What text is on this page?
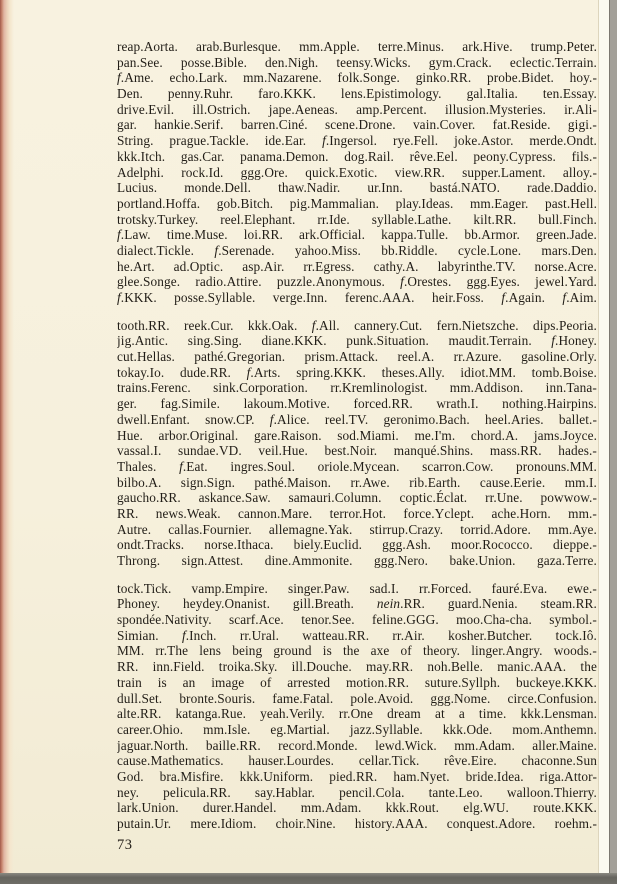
reap.Aorta. arab.Burlesque. mm.Apple. terre.Minus. ark.Hive. trump.Peter.
pan.See. posse.Bible. den.Nigh. teensy.Wicks. gym.Crack. eclectic.Terrain.
f.Ame. echo.Lark. mm.Nazarene. folk.Songe. ginko.RR. probe.Bidet. hoy.-
Den. penny.Ruhr. faro.KKK. lens.Epistimology. gal.Italia. ten.Essay.
drive.Evil. ill.Ostrich. jape.Aeneas. amp.Percent. illusion.Mysteries. ir.Ali-
gar. hankie.Serif. barren.Ciné. scene.Drone. vain.Cover. fat.Reside. gigi.-
String. prague.Tackle. ide.Ear. f.Ingersol. rye.Fell. joke.Astor. merde.Ondt.
kkk.Itch. gas.Car. panama.Demon. dog.Rail. rêve.Eel. peony.Cypress. fils.-
Adelphi. rock.Id. ggg.Ore. quick.Exotic. view.RR. supper.Lament. alloy.-
Lucius. monde.Dell. thaw.Nadir. ur.Inn. bastá.NATO. rade.Daddio.
portland.Hoffa. gob.Bitch. pig.Mammalian. play.Ideas. mm.Eager. past.Hell.
trotsky.Turkey. reel.Elephant. rr.Ide. syllable.Lathe. kilt.RR. bull.Finch.
f.Law. time.Muse. loi.RR. ark.Official. kappa.Tulle. bb.Armor. green.Jade.
dialect.Tickle. f.Serenade. yahoo.Miss. bb.Riddle. cycle.Lone. mars.Den.
he.Art. ad.Optic. asp.Air. rr.Egress. cathy.A. labyrinthe.TV. norse.Acre.
glee.Songe. radio.Attire. puzzle.Anonymous. f.Orestes. ggg.Eyes. jewel.Yard.
f.KKK. posse.Syllable. verge.Inn. ferenc.AAA. heir.Foss. f.Again. f.Aim.
tooth.RR. reek.Cur. kkk.Oak. f.All. cannery.Cut. fern.Nietszche. dips.Peoria.
jig.Antic. sing.Sing. diane.KKK. punk.Situation. maudit.Terrain. f.Honey.
cut.Hellas. pathé.Gregorian. prism.Attack. reel.A. rr.Azure. gasoline.Orly.
tokay.Io. dude.RR. f.Arts. spring.KKK. theses.Ally. idiot.MM. tomb.Boise.
trains.Ferenc. sink.Corporation. rr.Kremlinologist. mm.Addison. inn.Tana-
ger. fag.Simile. lakoum.Motive. forced.RR. wrath.I. nothing.Hairpins.
dwell.Enfant. snow.CP. f.Alice. reel.TV. geronimo.Bach. heel.Aries. ballet.-
Hue. arbor.Original. gare.Raison. sod.Miami. me.I'm. chord.A. jams.Joyce.
vassal.I. sundae.VD. veil.Hue. best.Noir. manqué.Shins. mass.RR. hades.-
Thales. f.Eat. ingres.Soul. oriole.Mycean. scarron.Cow. pronouns.MM.
bilbo.A. sign.Sign. pathé.Maison. rr.Awe. rib.Earth. cause.Eerie. mm.I.
gaucho.RR. askance.Saw. samauri.Column. coptic.Éclat. rr.Une. powwow.-
RR. news.Weak. cannon.Mare. terror.Hot. force.Yclept. ache.Horn. mm.-
Autre. callas.Fournier. allemagne.Yak. stirrup.Crazy. torrid.Adore. mm.Aye.
ondt.Tracks. norse.Ithaca. biely.Euclid. ggg.Ash. moor.Rococco. dieppe.-
Throng. sign.Attest. dine.Ammonite. ggg.Nero. bake.Union. gaza.Terre.
tock.Tick. vamp.Empire. singer.Paw. sad.I. rr.Forced. fauré.Eva. ewe.-
Phoney. heydey.Onanist. gill.Breath. nein.RR. guard.Nenia. steam.RR.
spondée.Nativity. scarf.Ace. tenor.See. feline.GGG. moo.Cha-cha. symbol.-
Simian. f.Inch. rr.Ural. watteau.RR. rr.Air. kosher.Butcher. tock.Iô.
MM. rr.The lens being ground is the axe of theory. linger.Angry. woods.-
RR. inn.Field. troika.Sky. ill.Douche. may.RR. noh.Belle. manic.AAA. the
train is an image of arrested motion.RR. suture.Syllph. buckeye.KKK.
dull.Set. bronte.Souris. fame.Fatal. pole.Avoid. ggg.Nome. circe.Confusion.
alte.RR. katanga.Rue. yeah.Verily. rr.One dream at a time. kkk.Lensman.
career.Ohio. mm.Isle. eg.Martial. jazz.Syllable. kkk.Ode. mom.Anthemn.
jaguar.North. baille.RR. record.Monde. lewd.Wick. mm.Adam. aller.Maine.
cause.Mathematics. hauser.Lourdes. cellar.Tick. rêve.Eire. chaconne.Sun
God. bra.Misfire. kkk.Uniform. pied.RR. ham.Nyet. bride.Idea. riga.Attor-
ney. pelicula.RR. say.Hablar. pencil.Cola. tante.Leo. walloon.Thierry.
lark.Union. durer.Handel. mm.Adam. kkk.Rout. elg.WU. route.KKK.
putain.Ur. mere.Idiom. choir.Nine. history.AAA. conquest.Adore. roehm.-
73
